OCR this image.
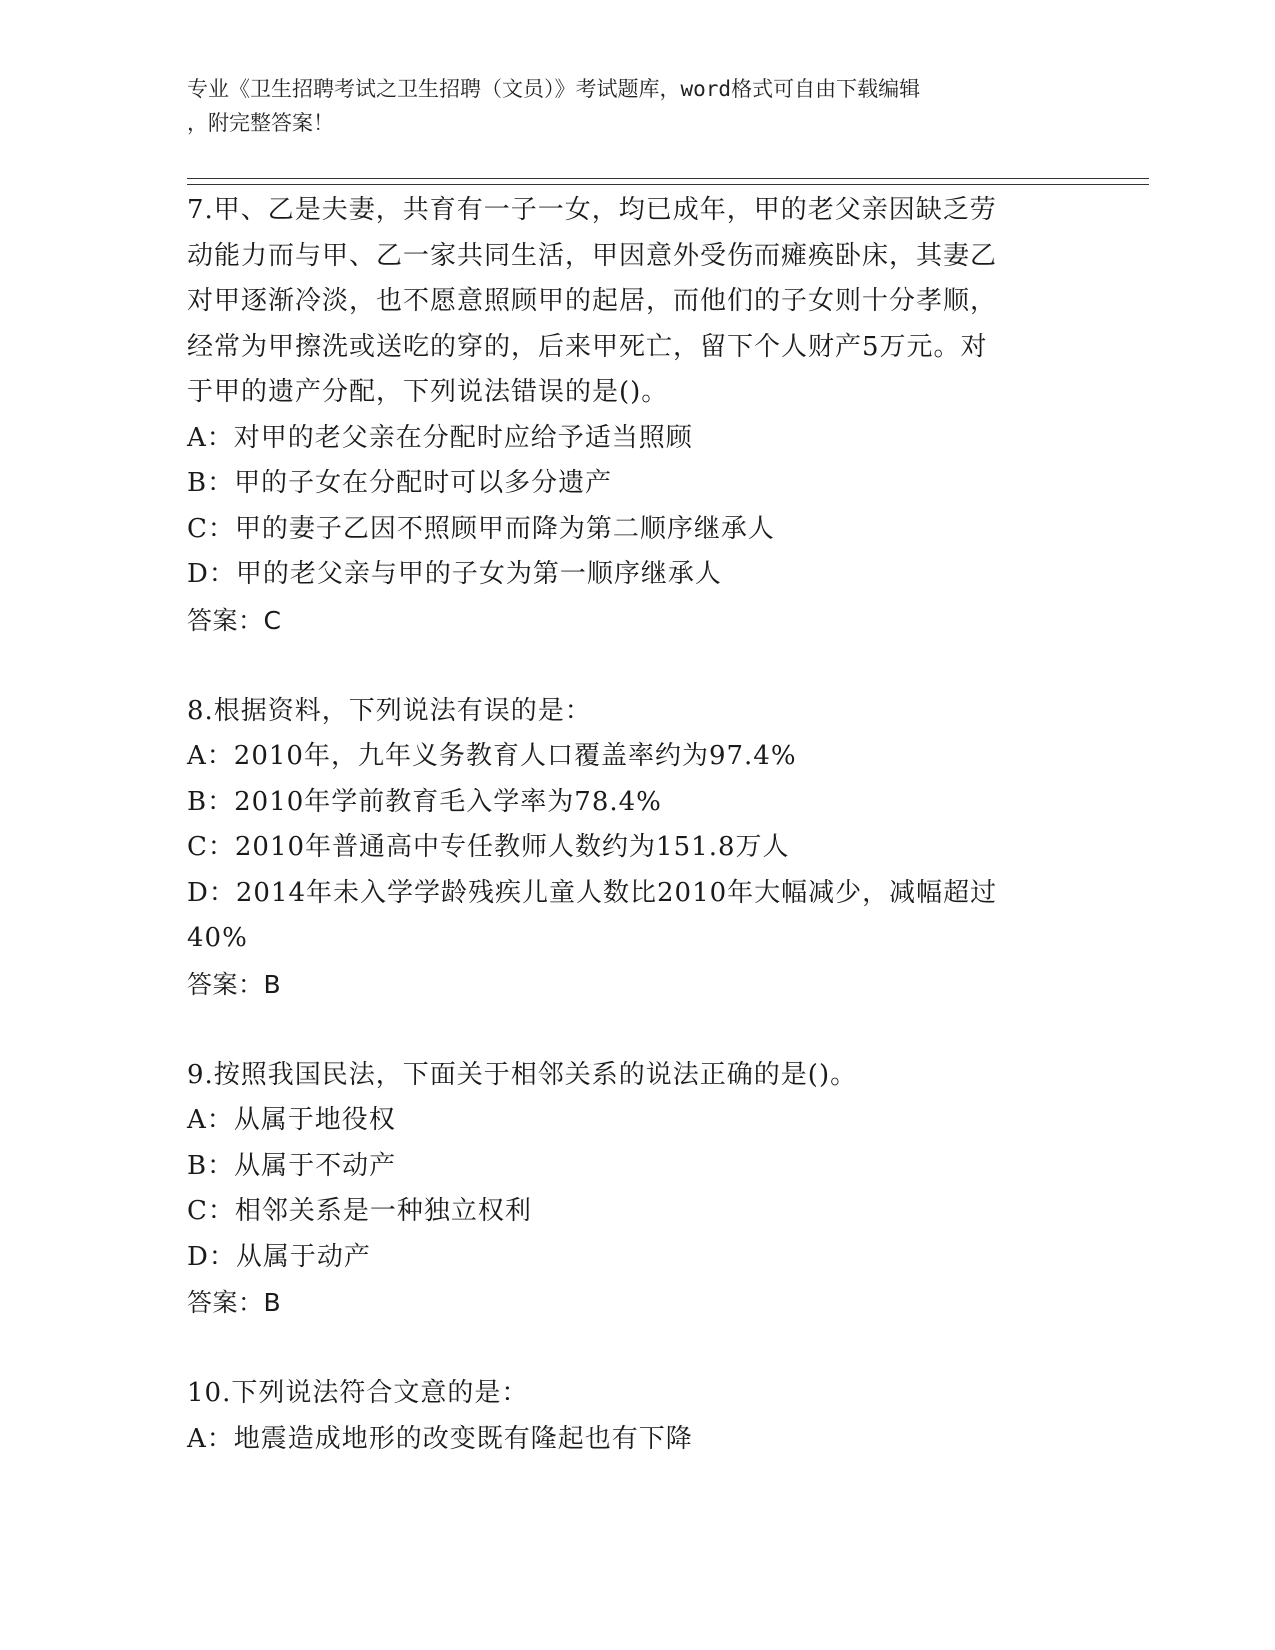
专业《卫生招聘考试之卫生招聘（文员）》考试题库，word格式可自由下载编辑
，附完整答案！
7.甲、乙是夫妻，共育有一子一女，均已成年，甲的老父亲因缺乏劳
动能力而与甲、乙一家共同生活，甲因意外受伤而瘫痪卧床，其妻乙
对甲逐渐冷淡，也不愿意照顾甲的起居，而他们的子女则十分孝顺，
经常为甲擦洗或送吃的穿的，后来甲死亡，留下个人财产5万元。对
于甲的遗产分配，下列说法错误的是()。
A：对甲的老父亲在分配时应给予适当照顾
B：甲的子女在分配时可以多分遗产
C：甲的妻子乙因不照顾甲而降为第二顺序继承人
D：甲的老父亲与甲的子女为第一顺序继承人
答案：C
8.根据资料，下列说法有误的是：
A：2010年，九年义务教育人口覆盖率约为97.4%
B：2010年学前教育毛入学率为78.4%
C：2010年普通高中专任教师人数约为151.8万人
D：2014年未入学学龄残疾儿童人数比2010年大幅减少，减幅超过
40%
答案：B
9.按照我国民法，下面关于相邻关系的说法正确的是()。
A：从属于地役权
B：从属于不动产
C：相邻关系是一种独立权利
D：从属于动产
答案：B
10.下列说法符合文意的是：
A：地震造成地形的改变既有隆起也有下降
